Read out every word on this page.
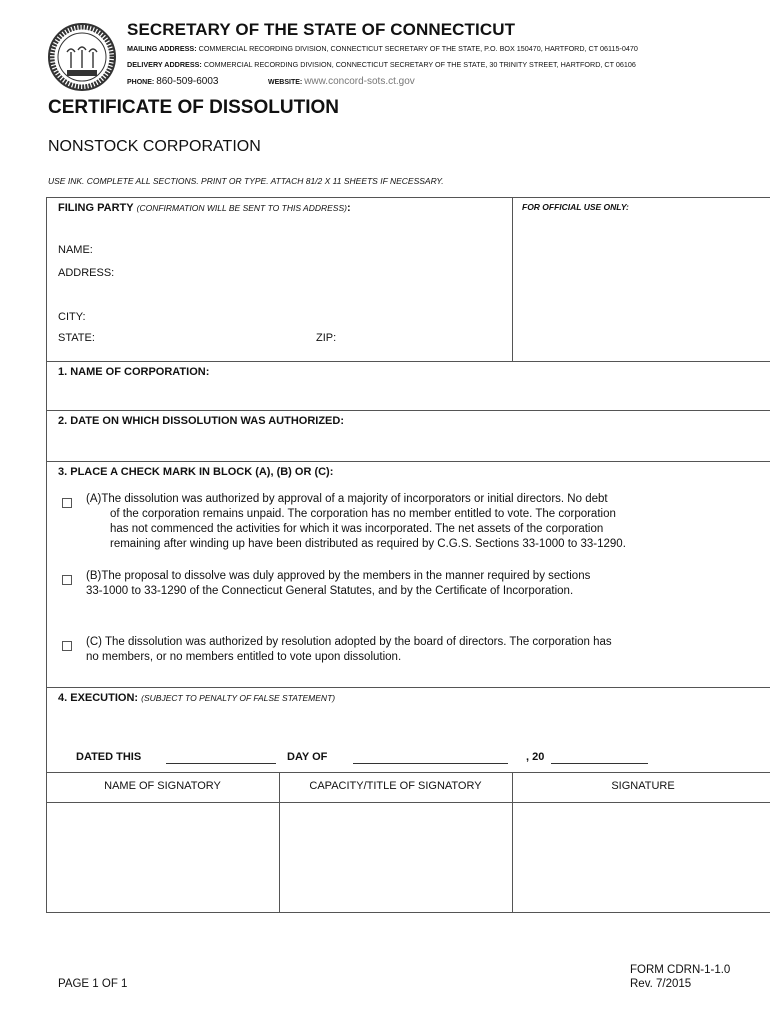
SECRETARY OF THE STATE OF CONNECTICUT
MAILING ADDRESS: COMMERCIAL RECORDING DIVISION, CONNECTICUT SECRETARY OF THE STATE, P.O. BOX 150470, HARTFORD, CT 06115-0470
DELIVERY ADDRESS: COMMERCIAL RECORDING DIVISION, CONNECTICUT SECRETARY OF THE STATE, 30 TRINITY STREET, HARTFORD, CT 06106
PHONE: 860-509-6003	WEBSITE: www.concord-sots.ct.gov
CERTIFICATE OF DISSOLUTION
NONSTOCK CORPORATION
USE INK. COMPLETE ALL SECTIONS. PRINT OR TYPE. ATTACH 81/2 X 11 SHEETS IF NECESSARY.
FILING PARTY (CONFIRMATION WILL BE SENT TO THIS ADDRESS):	FOR OFFICIAL USE ONLY:
NAME:
ADDRESS:
CITY:
STATE:	ZIP:
1. NAME OF CORPORATION:
2. DATE ON WHICH DISSOLUTION WAS AUTHORIZED:
3. PLACE A CHECK MARK IN BLOCK (A), (B) OR (C):
(A)The dissolution was authorized by approval of a majority of incorporators or initial directors. No debt
of the corporation remains unpaid. The corporation has no member entitled to vote. The corporation
has not commenced the activities for which it was incorporated. The net assets of the corporation
remaining after winding up have been distributed as required by C.G.S. Sections 33-1000 to 33-1290.
(B)The proposal to dissolve was duly approved by the members in the manner required by sections
33-1000 to 33-1290 of the Connecticut General Statutes, and by the Certificate of Incorporation.
(C) The dissolution was authorized by resolution adopted by the board of directors. The corporation has
no members, or no members entitled to vote upon dissolution.
4. EXECUTION: (SUBJECT TO PENALTY OF FALSE STATEMENT)
DATED THIS	DAY OF	, 20
NAME OF SIGNATORY	CAPACITY/TITLE OF SIGNATORY	SIGNATURE
PAGE 1 OF 1
FORM CDRN-1-1.0
Rev. 7/2015
